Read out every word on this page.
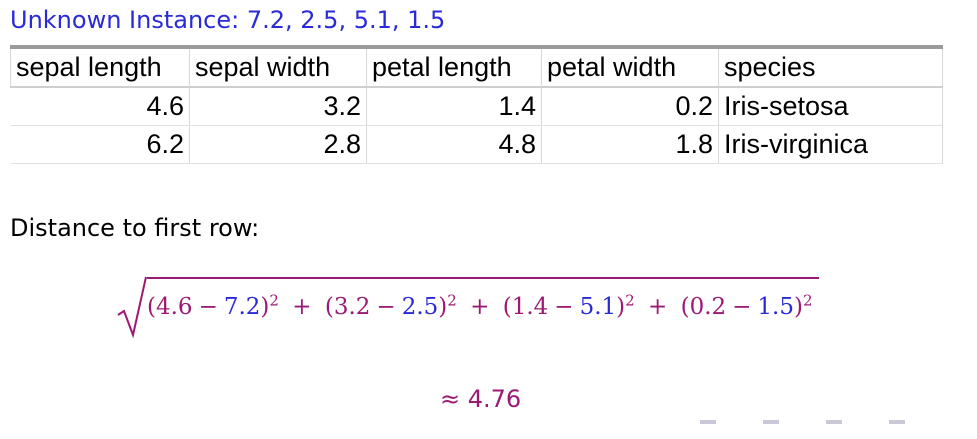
Unknown Instance: 7.2, 2.5, 5.1, 1.5
sepal length	sepal width	petal length	petal width	species
4.6	3.2	1.4	0.2	Iris-setosa
6.2	2.8	4.8	1.8	Iris-virginica
Distance to first row:
$(4.6 - 7.2)^2 + (3.2 - 2.5)^2 + (1.4 - 5.1)^2 + (0.2 - 1.5)^2$
≈ 4.76
